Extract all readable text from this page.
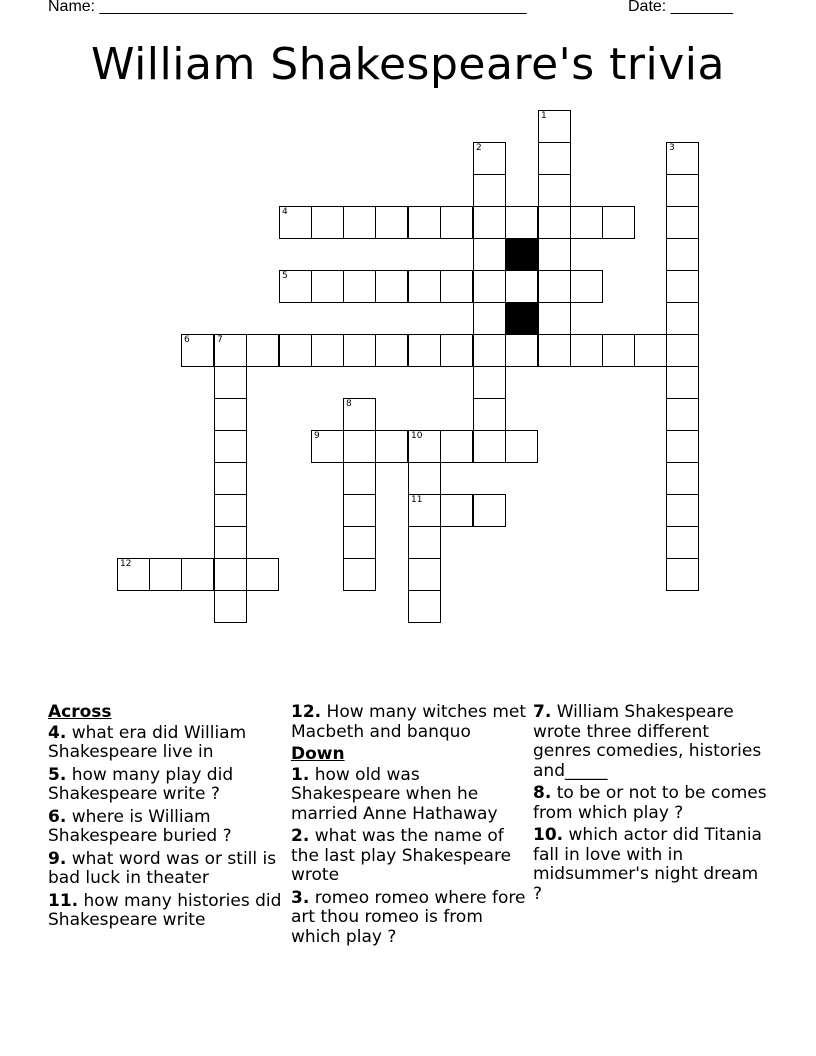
Name: ________________________________________________	Date: _______
William Shakespeare's trivia
1
2	3
4
5
6	7
8
9	10
11
12
Across
4. what era did William Shakespeare live in
5. how many play did Shakespeare write ?
6. where is William Shakespeare buried ?
9. what word was or still is bad luck in theater
11. how many histories did Shakespeare write
12. How many witches met Macbeth and banquo
Down
1. how old was Shakespeare when he married Anne Hathaway
2. what was the name of the last play Shakespeare wrote
3. romeo romeo where fore art thou romeo is from which play ?
7. William Shakespeare wrote three different genres comedies, histories and_____
8. to be or not to be comes from which play ?
10. which actor did Titania fall in love with in midsummer's night dream ?
